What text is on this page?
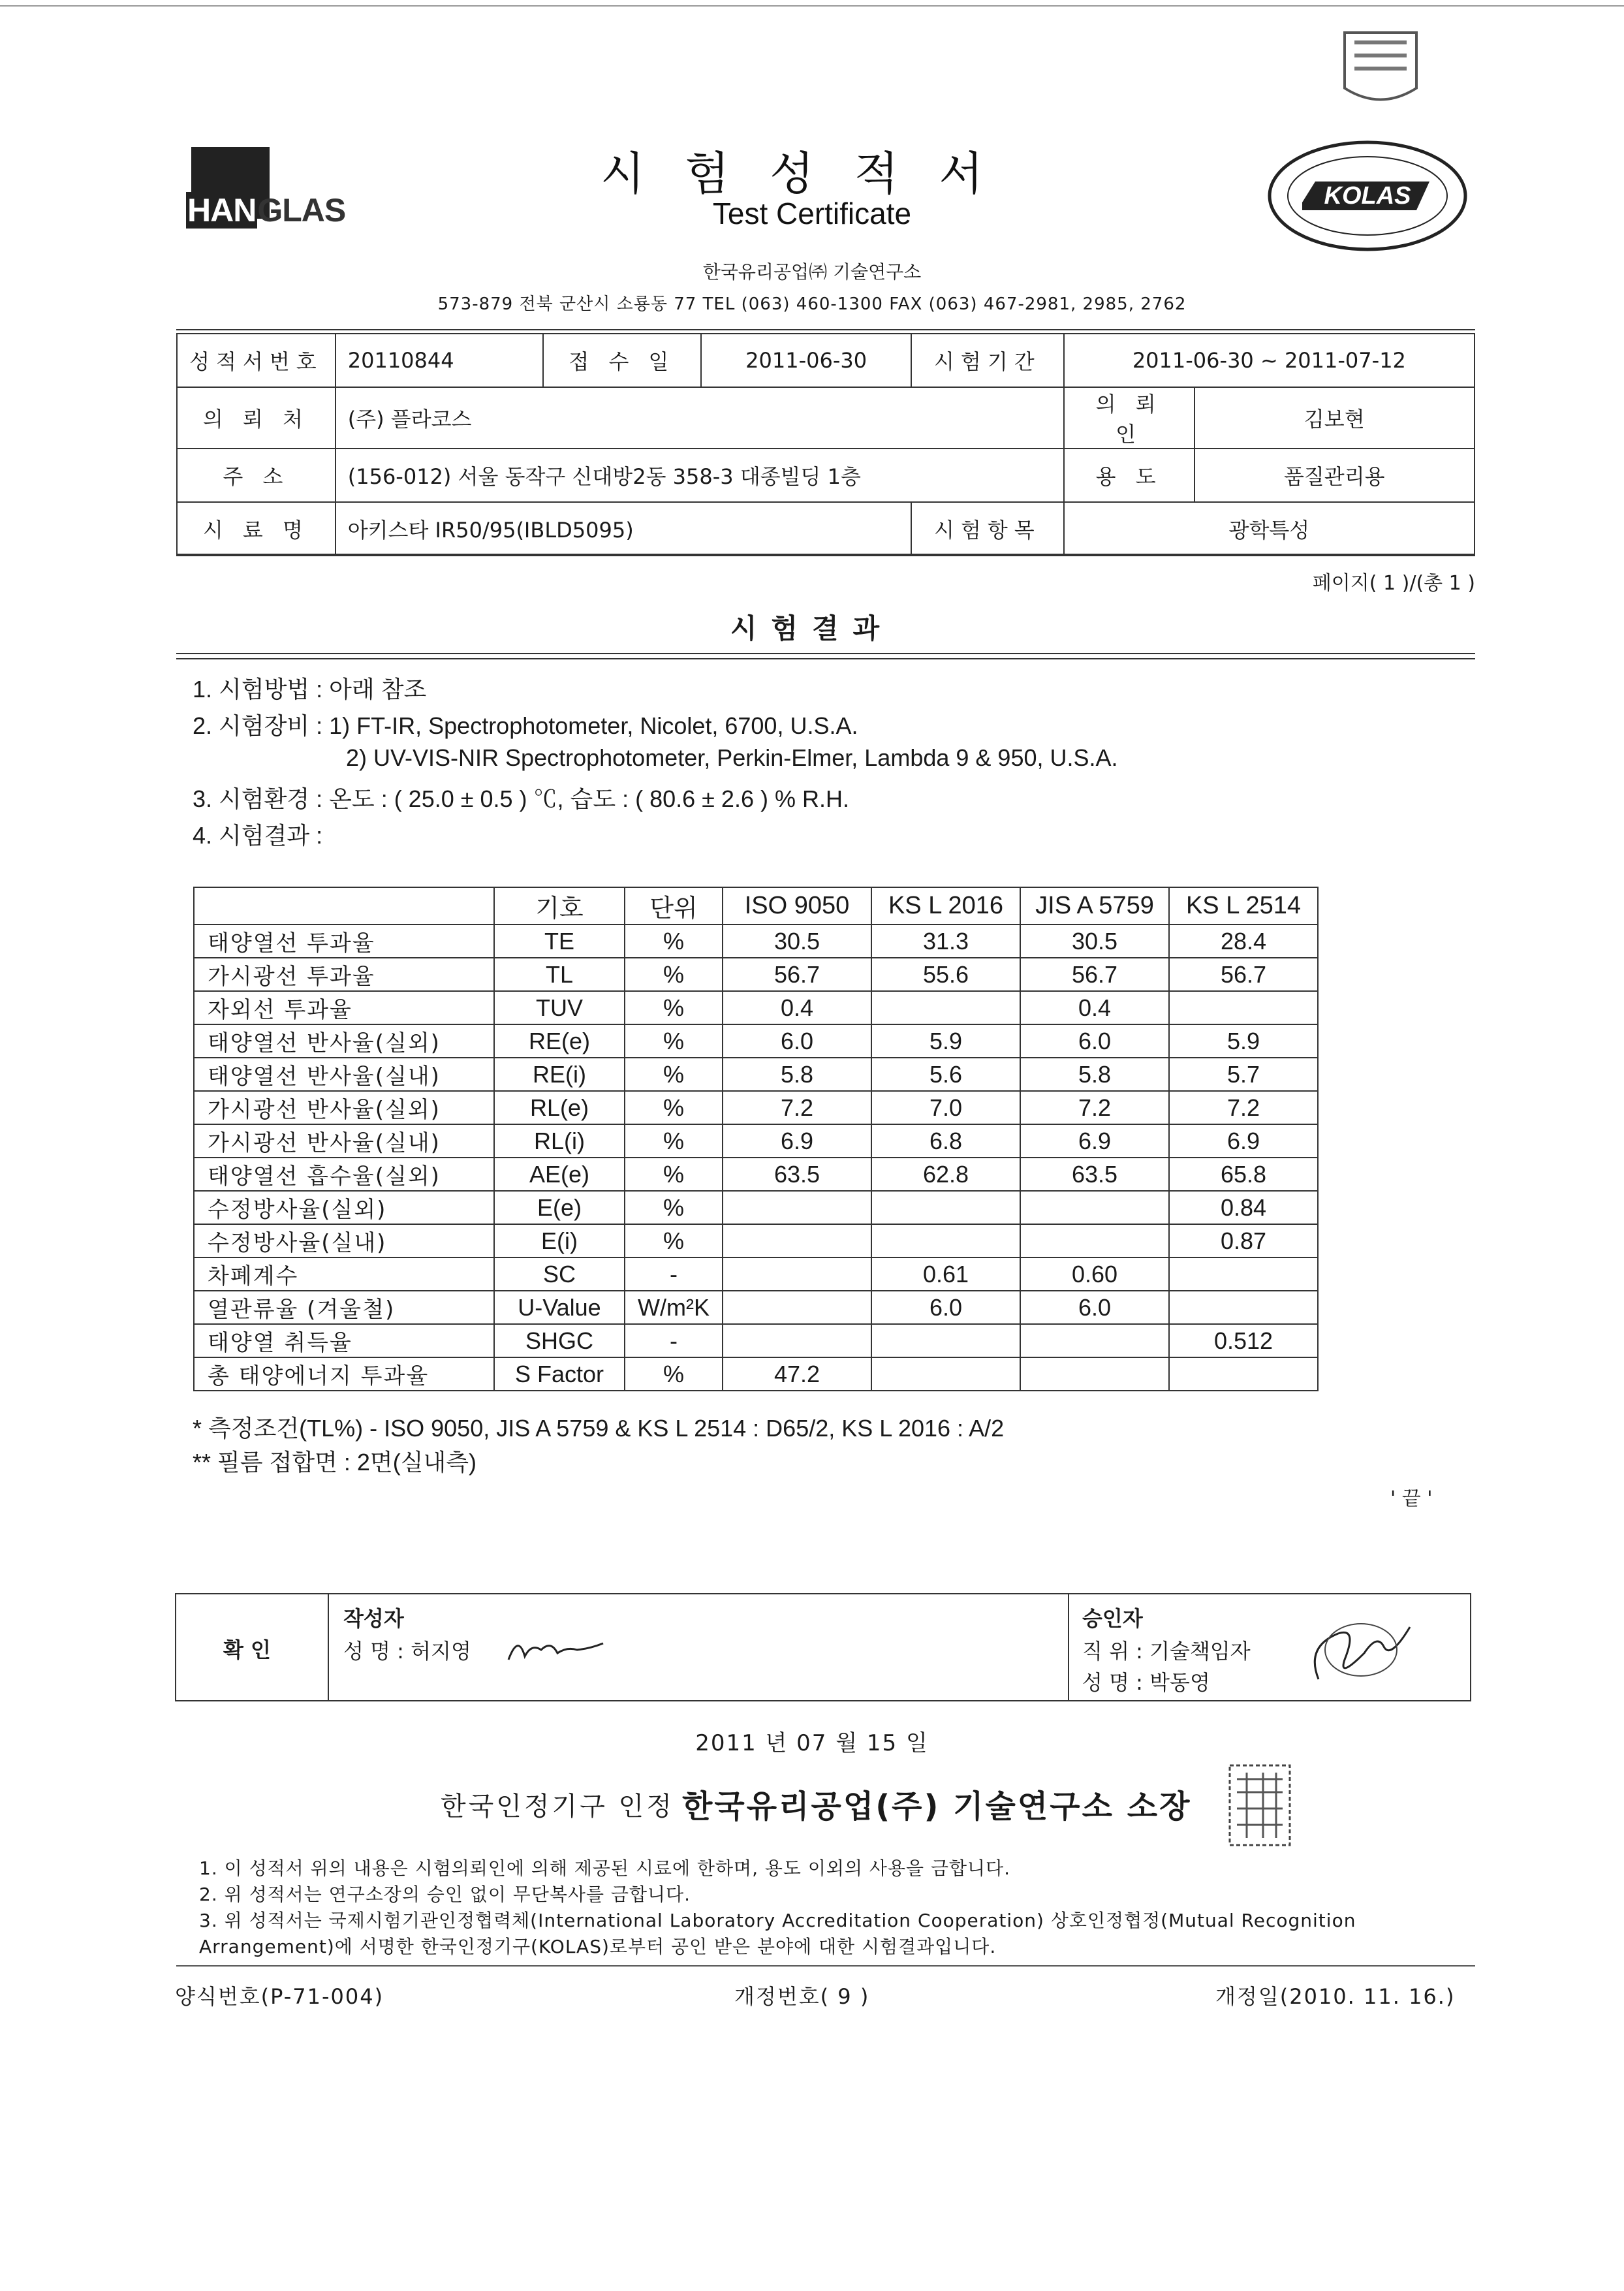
HANGLAS
시험성적서
Test Certificate
한국유리공업㈜ 기술연구소
573-879 전북 군산시 소룡동 77 TEL (063) 460-1300 FAX (063) 467-2981, 2985, 2762
KOLAS
성적서번호	20110844	접 수 일	2011-06-30	시험기간	2011-06-30 ~ 2011-07-12	
의 뢰 처	(주) 플라코스				의 뢰 인	김보현
주 소	(156-012) 서울 동작구 신대방2동 358-3 대종빌딩 1층				용 도	품질관리용
시 료 명	아키스타 IR50/95(IBLD5095)			시험항목	광학특성	
페이지( 1 )/(총 1 )
시험결과
1. 시험방법 : 아래 참조
2. 시험장비 : 1) FT-IR, Spectrophotometer, Nicolet, 6700, U.S.A.
2) UV-VIS-NIR Spectrophotometer, Perkin-Elmer, Lambda 9 & 950, U.S.A.
3. 시험환경 : 온도 : ( 25.0 ± 0.5 ) ℃, 습도 : ( 80.6 ± 2.6 ) % R.H.
4. 시험결과 :
	기호	단위	ISO 9050	KS L 2016	JIS A 5759	KS L 2514
태양열선 투과율	TE	%	30.5	31.3	30.5	28.4
가시광선 투과율	TL	%	56.7	55.6	56.7	56.7
자외선 투과율	TUV	%	0.4		0.4	
태양열선 반사율(실외)	RE(e)	%	6.0	5.9	6.0	5.9
태양열선 반사율(실내)	RE(i)	%	5.8	5.6	5.8	5.7
가시광선 반사율(실외)	RL(e)	%	7.2	7.0	7.2	7.2
가시광선 반사율(실내)	RL(i)	%	6.9	6.8	6.9	6.9
태양열선 흡수율(실외)	AE(e)	%	63.5	62.8	63.5	65.8
수정방사율(실외)	E(e)	%				0.84
수정방사율(실내)	E(i)	%				0.87
차폐계수	SC	-		0.61	0.60	
열관류율 (겨울철)	U-Value	W/m²K		6.0	6.0	
태양열 취득율	SHGC	-				0.512
총 태양에너지 투과율	S Factor	%	47.2			
* 측정조건(TL%) - ISO 9050, JIS A 5759 & KS L 2514 : D65/2, KS L 2016 : A/2
** 필름 접합면 : 2면(실내측)
' 끝 '
확 인
작성자
성 명 : 허지영
승인자
직 위 : 기술책임자
성 명 : 박동영
2011 년 07 월 15 일
한국인정기구 인정 한국유리공업(주) 기술연구소 소장
1. 이 성적서 위의 내용은 시험의뢰인에 의해 제공된 시료에 한하며, 용도 이외의 사용을 금합니다.
2. 위 성적서는 연구소장의 승인 없이 무단복사를 금합니다.
3. 위 성적서는 국제시험기관인정협력체(International Laboratory Accreditation Cooperation) 상호인정협정(Mutual Recognition
Arrangement)에 서명한 한국인정기구(KOLAS)로부터 공인 받은 분야에 대한 시험결과입니다.
양식번호(P-71-004)	개정번호( 9 )	개정일(2010. 11. 16.)
